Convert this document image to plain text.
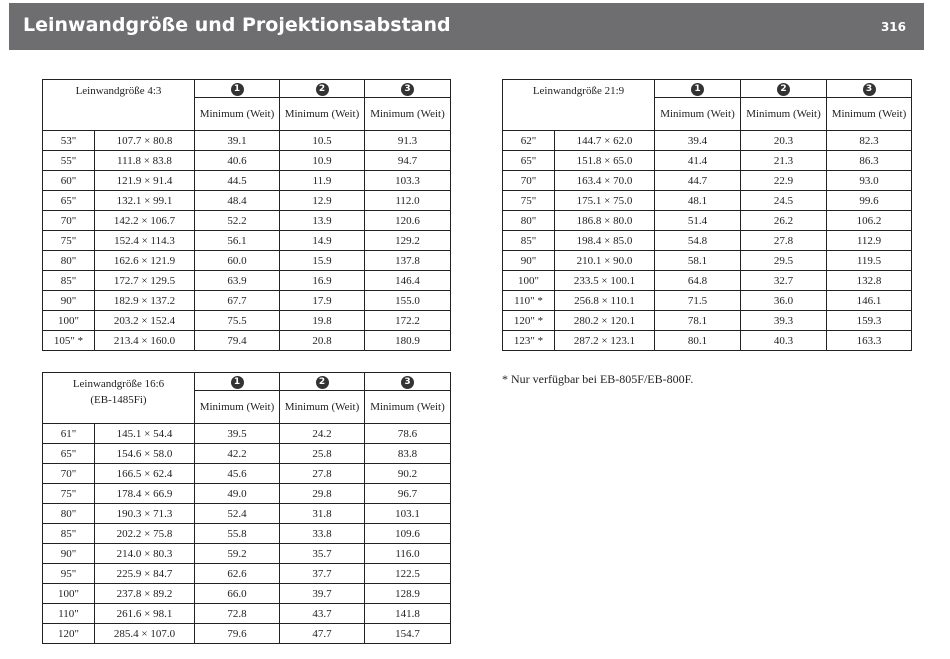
Leinwandgröße und Projektionsabstand	316
Leinwandgröße 4:3		1	2	3
		Minimum (Weit)	Minimum (Weit)	Minimum (Weit)
53"	107.7 × 80.8	39.1	10.5	91.3
55"	111.8 × 83.8	40.6	10.9	94.7
60"	121.9 × 91.4	44.5	11.9	103.3
65"	132.1 × 99.1	48.4	12.9	112.0
70"	142.2 × 106.7	52.2	13.9	120.6
75"	152.4 × 114.3	56.1	14.9	129.2
80"	162.6 × 121.9	60.0	15.9	137.8
85"	172.7 × 129.5	63.9	16.9	146.4
90"	182.9 × 137.2	67.7	17.9	155.0
100"	203.2 × 152.4	75.5	19.8	172.2
105" *	213.4 × 160.0	79.4	20.8	180.9
Leinwandgröße 21:9		1	2	3
		Minimum (Weit)	Minimum (Weit)	Minimum (Weit)
62"	144.7 × 62.0	39.4	20.3	82.3
65"	151.8 × 65.0	41.4	21.3	86.3
70"	163.4 × 70.0	44.7	22.9	93.0
75"	175.1 × 75.0	48.1	24.5	99.6
80"	186.8 × 80.0	51.4	26.2	106.2
85"	198.4 × 85.0	54.8	27.8	112.9
90"	210.1 × 90.0	58.1	29.5	119.5
100"	233.5 × 100.1	64.8	32.7	132.8
110" *	256.8 × 110.1	71.5	36.0	146.1
120" *	280.2 × 120.1	78.1	39.3	159.3
123" *	287.2 × 123.1	80.1	40.3	163.3
* Nur verfügbar bei EB-805F/EB-800F.
Leinwandgröße 16:6
(EB-1485Fi)		1	2	3
		Minimum (Weit)	Minimum (Weit)	Minimum (Weit)
61"	145.1 × 54.4	39.5	24.2	78.6
65"	154.6 × 58.0	42.2	25.8	83.8
70"	166.5 × 62.4	45.6	27.8	90.2
75"	178.4 × 66.9	49.0	29.8	96.7
80"	190.3 × 71.3	52.4	31.8	103.1
85"	202.2 × 75.8	55.8	33.8	109.6
90"	214.0 × 80.3	59.2	35.7	116.0
95"	225.9 × 84.7	62.6	37.7	122.5
100"	237.8 × 89.2	66.0	39.7	128.9
110"	261.6 × 98.1	72.8	43.7	141.8
120"	285.4 × 107.0	79.6	47.7	154.7
